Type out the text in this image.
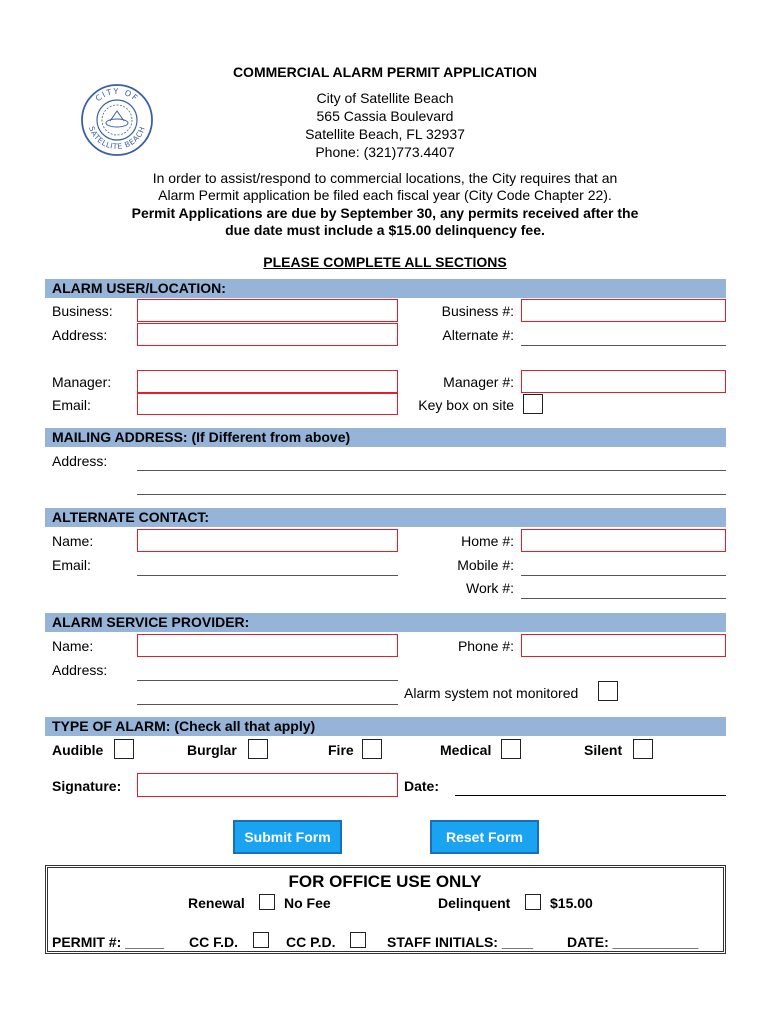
CITY OF
SATELLITE BEACH
COMMERCIAL ALARM PERMIT APPLICATION
City of Satellite Beach
565 Cassia Boulevard
Satellite Beach, FL 32937
Phone: (321)773.4407
In order to assist/respond to commercial locations, the City requires that an
Alarm Permit application be filed each fiscal year (City Code Chapter 22).
Permit Applications are due by September 30, any permits received after the
due date must include a $15.00 delinquency fee.
PLEASE COMPLETE ALL SECTIONS
ALARM USER/LOCATION:
Business:	Business #:
Address:	Alternate #:
Manager:	Manager #:
Email:	Key box on site
MAILING ADDRESS: (If Different from above)
Address:
ALTERNATE CONTACT:
Name:	Home #:
Email:	Mobile #:
Work #:
ALARM SERVICE PROVIDER:
Name:	Phone #:
Address:
Alarm system not monitored
TYPE OF ALARM: (Check all that apply)
Audible	Burglar	Fire	Medical	Silent
Signature:	Date:
Submit Form	Reset Form
FOR OFFICE USE ONLY
Renewal	No Fee	Delinquent	$15.00
PERMIT #: _____ CC F.D.	CC P.D.	STAFF INITIALS: ____ DATE: ___________
